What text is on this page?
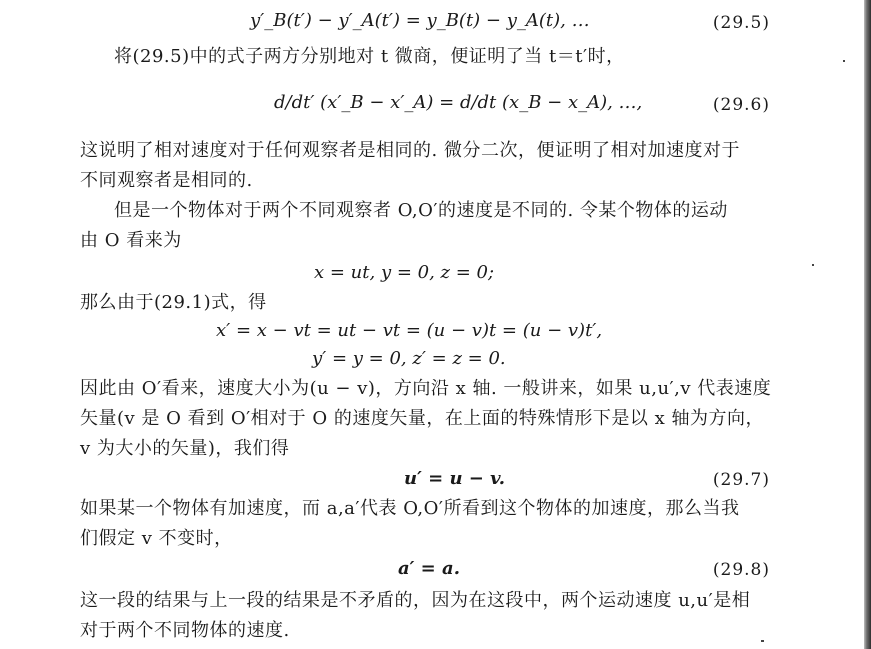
y′_B(t′) − y′_A(t′) = y_B(t) − y_A(t), …	(29.5)
将(29.5)中的式子两方分别地对 t 微商，便证明了当 t＝t′时，
d/dt′ (x′_B − x′_A) = d/dt (x_B − x_A), …,	(29.6)
这说明了相对速度对于任何观察者是相同的. 微分二次，便证明了相对加速度对于
不同观察者是相同的.
但是一个物体对于两个不同观察者 O,O′的速度是不同的. 令某个物体的运动
由 O 看来为
x = ut, y = 0, z = 0;
那么由于(29.1)式，得
x′ = x − vt = ut − vt = (u − v)t = (u − v)t′,
y′ = y = 0, z′ = z = 0.
因此由 O′看来，速度大小为(u − v)，方向沿 x 轴. 一般讲来，如果 u,u′,v 代表速度
矢量(v 是 O 看到 O′相对于 O 的速度矢量，在上面的特殊情形下是以 x 轴为方向，
v 为大小的矢量)，我们得
u′ = u − v.	(29.7)
如果某一个物体有加速度，而 a,a′代表 O,O′所看到这个物体的加速度，那么当我
们假定 v 不变时，
a′ = a.	(29.8)
这一段的结果与上一段的结果是不矛盾的，因为在这段中，两个运动速度 u,u′是相
对于两个不同物体的速度.
